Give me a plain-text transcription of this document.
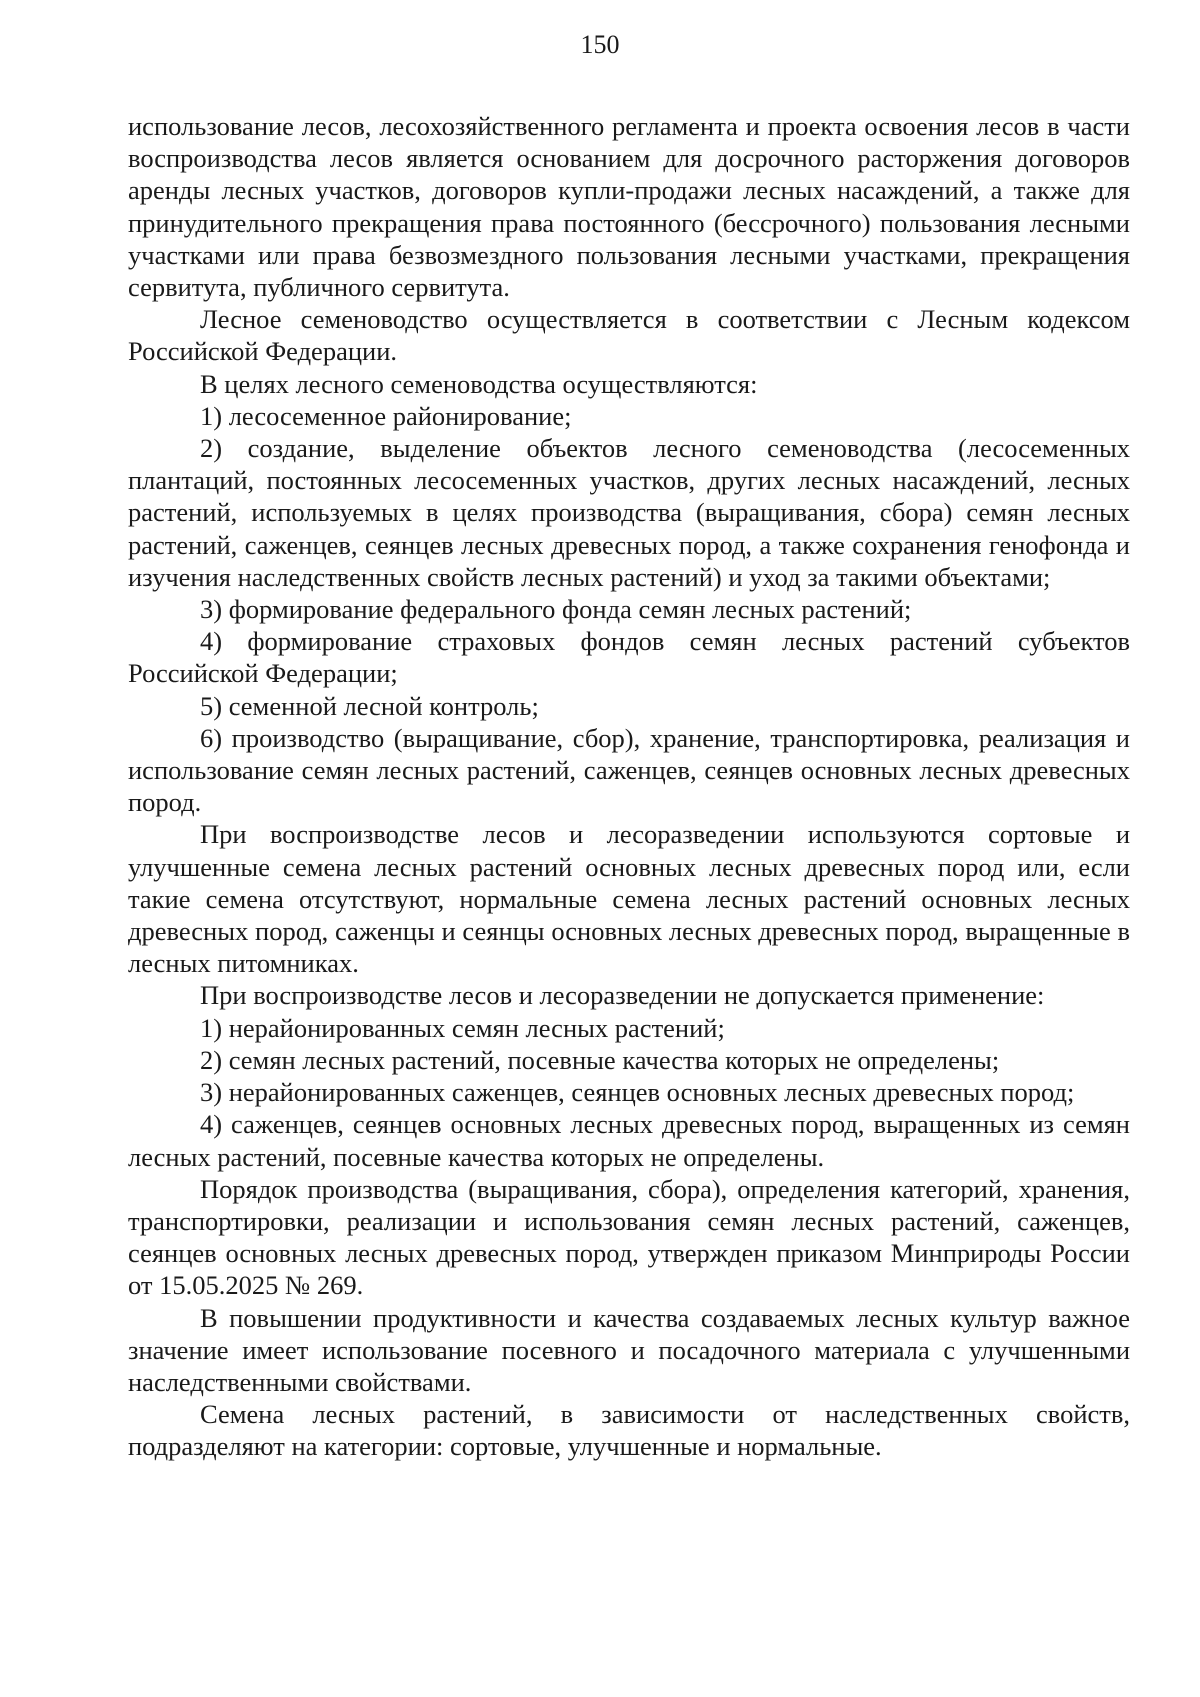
150

использование лесов, лесохозяйственного регламента и проекта освоения лесов в части воспроизводства лесов является основанием для досрочного расторжения договоров аренды лесных участков, договоров купли-продажи лесных насаждений, а также для принудительного прекращения права постоянного (бессрочного) пользования лесными участками или права безвозмездного пользования лесными участками, прекращения сервитута, публичного сервитута.

Лесное семеноводство осуществляется в соответствии с Лесным кодексом Российской Федерации.

В целях лесного семеноводства осуществляются:

1) лесосеменное районирование;

2) создание, выделение объектов лесного семеноводства (лесосеменных плантаций, постоянных лесосеменных участков, других лесных насаждений, лесных растений, используемых в целях производства (выращивания, сбора) семян лесных растений, саженцев, сеянцев лесных древесных пород, а также сохранения генофонда и изучения наследственных свойств лесных растений) и уход за такими объектами;

3) формирование федерального фонда семян лесных растений;

4) формирование страховых фондов семян лесных растений субъектов Российской Федерации;

5) семенной лесной контроль;

6) производство (выращивание, сбор), хранение, транспортировка, реализация и использование семян лесных растений, саженцев, сеянцев основных лесных древесных пород.

При воспроизводстве лесов и лесоразведении используются сортовые и улучшенные семена лесных растений основных лесных древесных пород или, если такие семена отсутствуют, нормальные семена лесных растений основных лесных древесных пород, саженцы и сеянцы основных лесных древесных пород, выращенные в лесных питомниках.

При воспроизводстве лесов и лесоразведении не допускается применение:

1) нерайонированных семян лесных растений;

2) семян лесных растений, посевные качества которых не определены;

3) нерайонированных саженцев, сеянцев основных лесных древесных пород;

4) саженцев, сеянцев основных лесных древесных пород, выращенных из семян лесных растений, посевные качества которых не определены.

Порядок производства (выращивания, сбора), определения категорий, хранения, транспортировки, реализации и использования семян лесных растений, саженцев, сеянцев основных лесных древесных пород, утвержден приказом Минприроды России от 15.05.2025 № 269.

В повышении продуктивности и качества создаваемых лесных культур важное значение имеет использование посевного и посадочного материала с улучшенными наследственными свойствами.

Семена лесных растений, в зависимости от наследственных свойств, подразделяют на категории: сортовые, улучшенные и нормальные.
